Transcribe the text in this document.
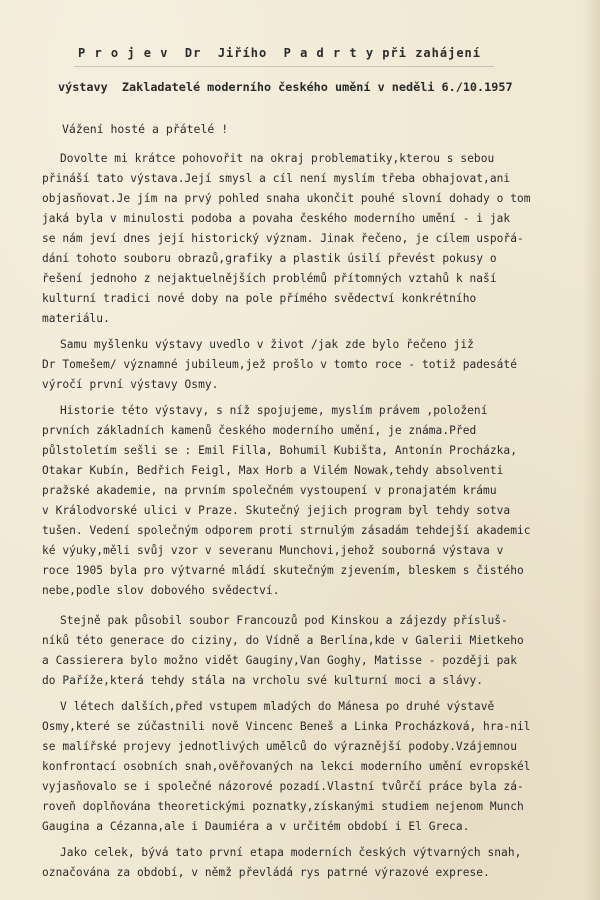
P r o j e v  Dr  Jiřího  P a d r t y při zahájení
výstavy  Zakladatelé moderního českého umění v neděli 6./10.1957
Vážení hosté a přátelé !
Dovolte mi krátce pohovořit na okraj problematiky,kterou s sebou
přináší tato výstava.Její smysl a cíl není myslím třeba obhajovat,ani
objasňovat.Je jím na prvý pohled snaha ukončit pouhé slovní dohady o tom
jaká byla v minulosti podoba a povaha českého moderního umění - i jak
se nám jeví dnes její historický význam. Jinak řečeno, je cílem uspořá-
dání tohoto souboru obrazů,grafiky a plastik úsilí převést pokusy o
řešení jednoho z nejaktuelnějších problémů přítomných vztahů k naší
kulturní tradici nové doby na pole přímého svědectví konkrétního
materiálu.
Samu myšlenku výstavy uvedlo v život /jak zde bylo řečeno již
Dr Tomešem/ významné jubileum,jež prošlo v tomto roce - totiž padesáté
výročí první výstavy Osmy.
Historie této výstavy, s níž spojujeme, myslím právem ,položení
prvních základních kamenů českého moderního umění, je známa.Před
půlstoletím sešli se : Emil Filla, Bohumil Kubišta, Antonín Procházka,
Otakar Kubín, Bedřich Feigl, Max Horb a Vilém Nowak,tehdy absolventi
pražské akademie, na prvním společném vystoupení v pronajatém krámu
v Králodvorské ulici v Praze. Skutečný jejich program byl tehdy sotva
tušen. Vedení společným odporem proti strnulým zásadám tehdejší akademic
ké výuky,měli svůj vzor v severanu Munchovi,jehož souborná výstava v
roce 1905 byla pro výtvarné mládí skutečným zjevením, bleskem s čistého
nebe,podle slov dobového svědectví.
Stejně pak působil soubor Francouzů pod Kinskou a zájezdy přísluš-
níků této generace do ciziny, do Vídně a Berlína,kde v Galerii Mietkeho
a Cassierera bylo možno vidět Gauginy,Van Goghy, Matisse - později pak
do Paříže,která tehdy stála na vrcholu své kulturní moci a slávy.
V létech dalších,před vstupem mladých do Mánesa po druhé výstavě
Osmy,které se zúčastnili nově Vincenc Beneš a Linka Procházková, hra-nil
se malířské projevy jednotlivých umělců do výraznější podoby.Vzájemnou
konfrontací osobních snah,ověřovaných na lekci moderního umění evropskél
vyjasňovalo se i společné názorové pozadí.Vlastní tvůrčí práce byla zá-
roveň doplňována theoretickými poznatky,získanými studiem nejenom Munch
Gaugina a Cézanna,ale i Daumiéra a v určitém období i El Greca.
Jako celek, bývá tato první etapa moderních českých výtvarných snah,
označována za období, v němž převládá rys patrné výrazové exprese.
